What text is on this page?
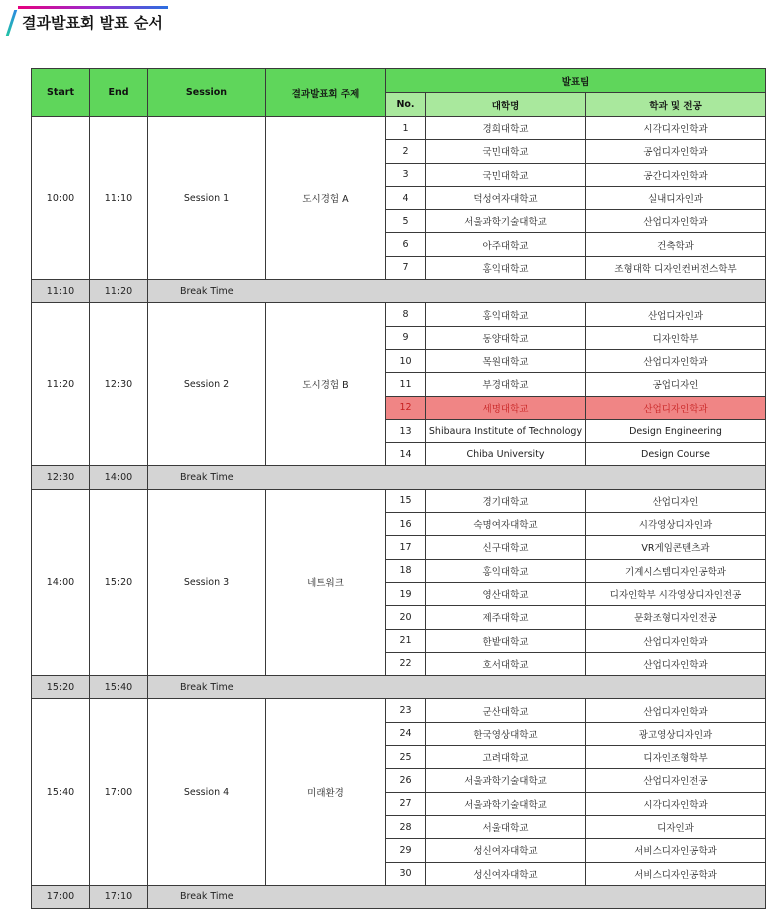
결과발표회 발표 순서
Start	End	Session	결과발표회 주제	발표팀		
				No.	대학명	학과 및 전공
10:00	11:10	Session 1	도시경험 A	1	경희대학교	시각디자인학과
				2	국민대학교	공업디자인학과
				3	국민대학교	공간디자인학과
				4	덕성여자대학교	실내디자인과
				5	서울과학기술대학교	산업디자인학과
				6	아주대학교	건축학과
				7	홍익대학교	조형대학 디자인컨버전스학부
11:10	11:20	Break Time				
11:20	12:30	Session 2	도시경험 B	8	홍익대학교	산업디자인과
				9	동양대학교	디자인학부
				10	목원대학교	산업디자인학과
				11	부경대학교	공업디자인
				12	세명대학교	산업디자인학과
				13	Shibaura Institute of Technology	Design Engineering
				14	Chiba University	Design Course
12:30	14:00	Break Time				
14:00	15:20	Session 3	네트워크	15	경기대학교	산업디자인
				16	숙명여자대학교	시각영상디자인과
				17	신구대학교	VR게임콘텐츠과
				18	홍익대학교	기계시스템디자인공학과
				19	영산대학교	디자인학부 시각영상디자인전공
				20	제주대학교	문화조형디자인전공
				21	한밭대학교	산업디자인학과
				22	호서대학교	산업디자인학과
15:20	15:40	Break Time				
15:40	17:00	Session 4	미래환경	23	군산대학교	산업디자인학과
				24	한국영상대학교	광고영상디자인과
				25	고려대학교	디자인조형학부
				26	서울과학기술대학교	산업디자인전공
				27	서울과학기술대학교	시각디자인학과
				28	서울대학교	디자인과
				29	성신여자대학교	서비스디자인공학과
				30	성신여자대학교	서비스디자인공학과
17:00	17:10	Break Time				
